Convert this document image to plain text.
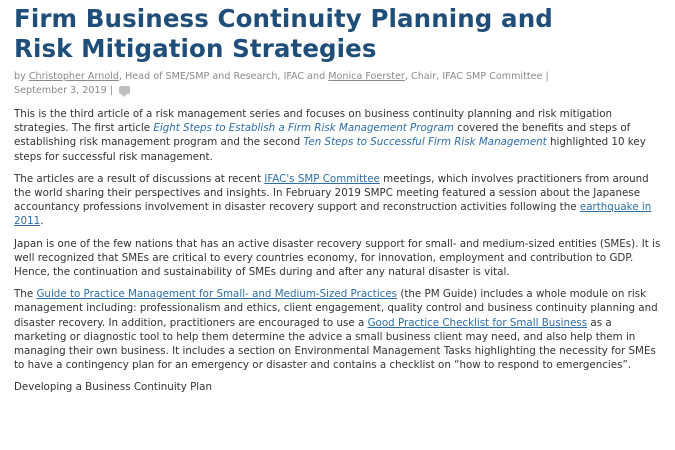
Firm Business Continuity Planning and
Risk Mitigation Strategies
by Christopher Arnold, Head of SME/SMP and Research, IFAC and Monica Foerster, Chair, IFAC SMP Committee |
September 3, 2019 |

This is the third article of a risk management series and focuses on business continuity planning and risk mitigation strategies. The first article Eight Steps to Establish a Firm Risk Management Program covered the benefits and steps of establishing risk management program and the second Ten Steps to Successful Firm Risk Management highlighted 10 key steps for successful risk management.

The articles are a result of discussions at recent IFAC's SMP Committee meetings, which involves practitioners from around the world sharing their perspectives and insights. In February 2019 SMPC meeting featured a session about the Japanese accountancy professions involvement in disaster recovery support and reconstruction activities following the earthquake in 2011.

Japan is one of the few nations that has an active disaster recovery support for small- and medium-sized entities (SMEs). It is well recognized that SMEs are critical to every countries economy, for innovation, employment and contribution to GDP. Hence, the continuation and sustainability of SMEs during and after any natural disaster is vital.

The Guide to Practice Management for Small- and Medium-Sized Practices (the PM Guide) includes a whole module on risk management including: professionalism and ethics, client engagement, quality control and business continuity planning and disaster recovery. In addition, practitioners are encouraged to use a Good Practice Checklist for Small Business as a marketing or diagnostic tool to help them determine the advice a small business client may need, and also help them in managing their own business. It includes a section on Environmental Management Tasks highlighting the necessity for SMEs to have a contingency plan for an emergency or disaster and contains a checklist on “how to respond to emergencies”.

Developing a Business Continuity Plan
